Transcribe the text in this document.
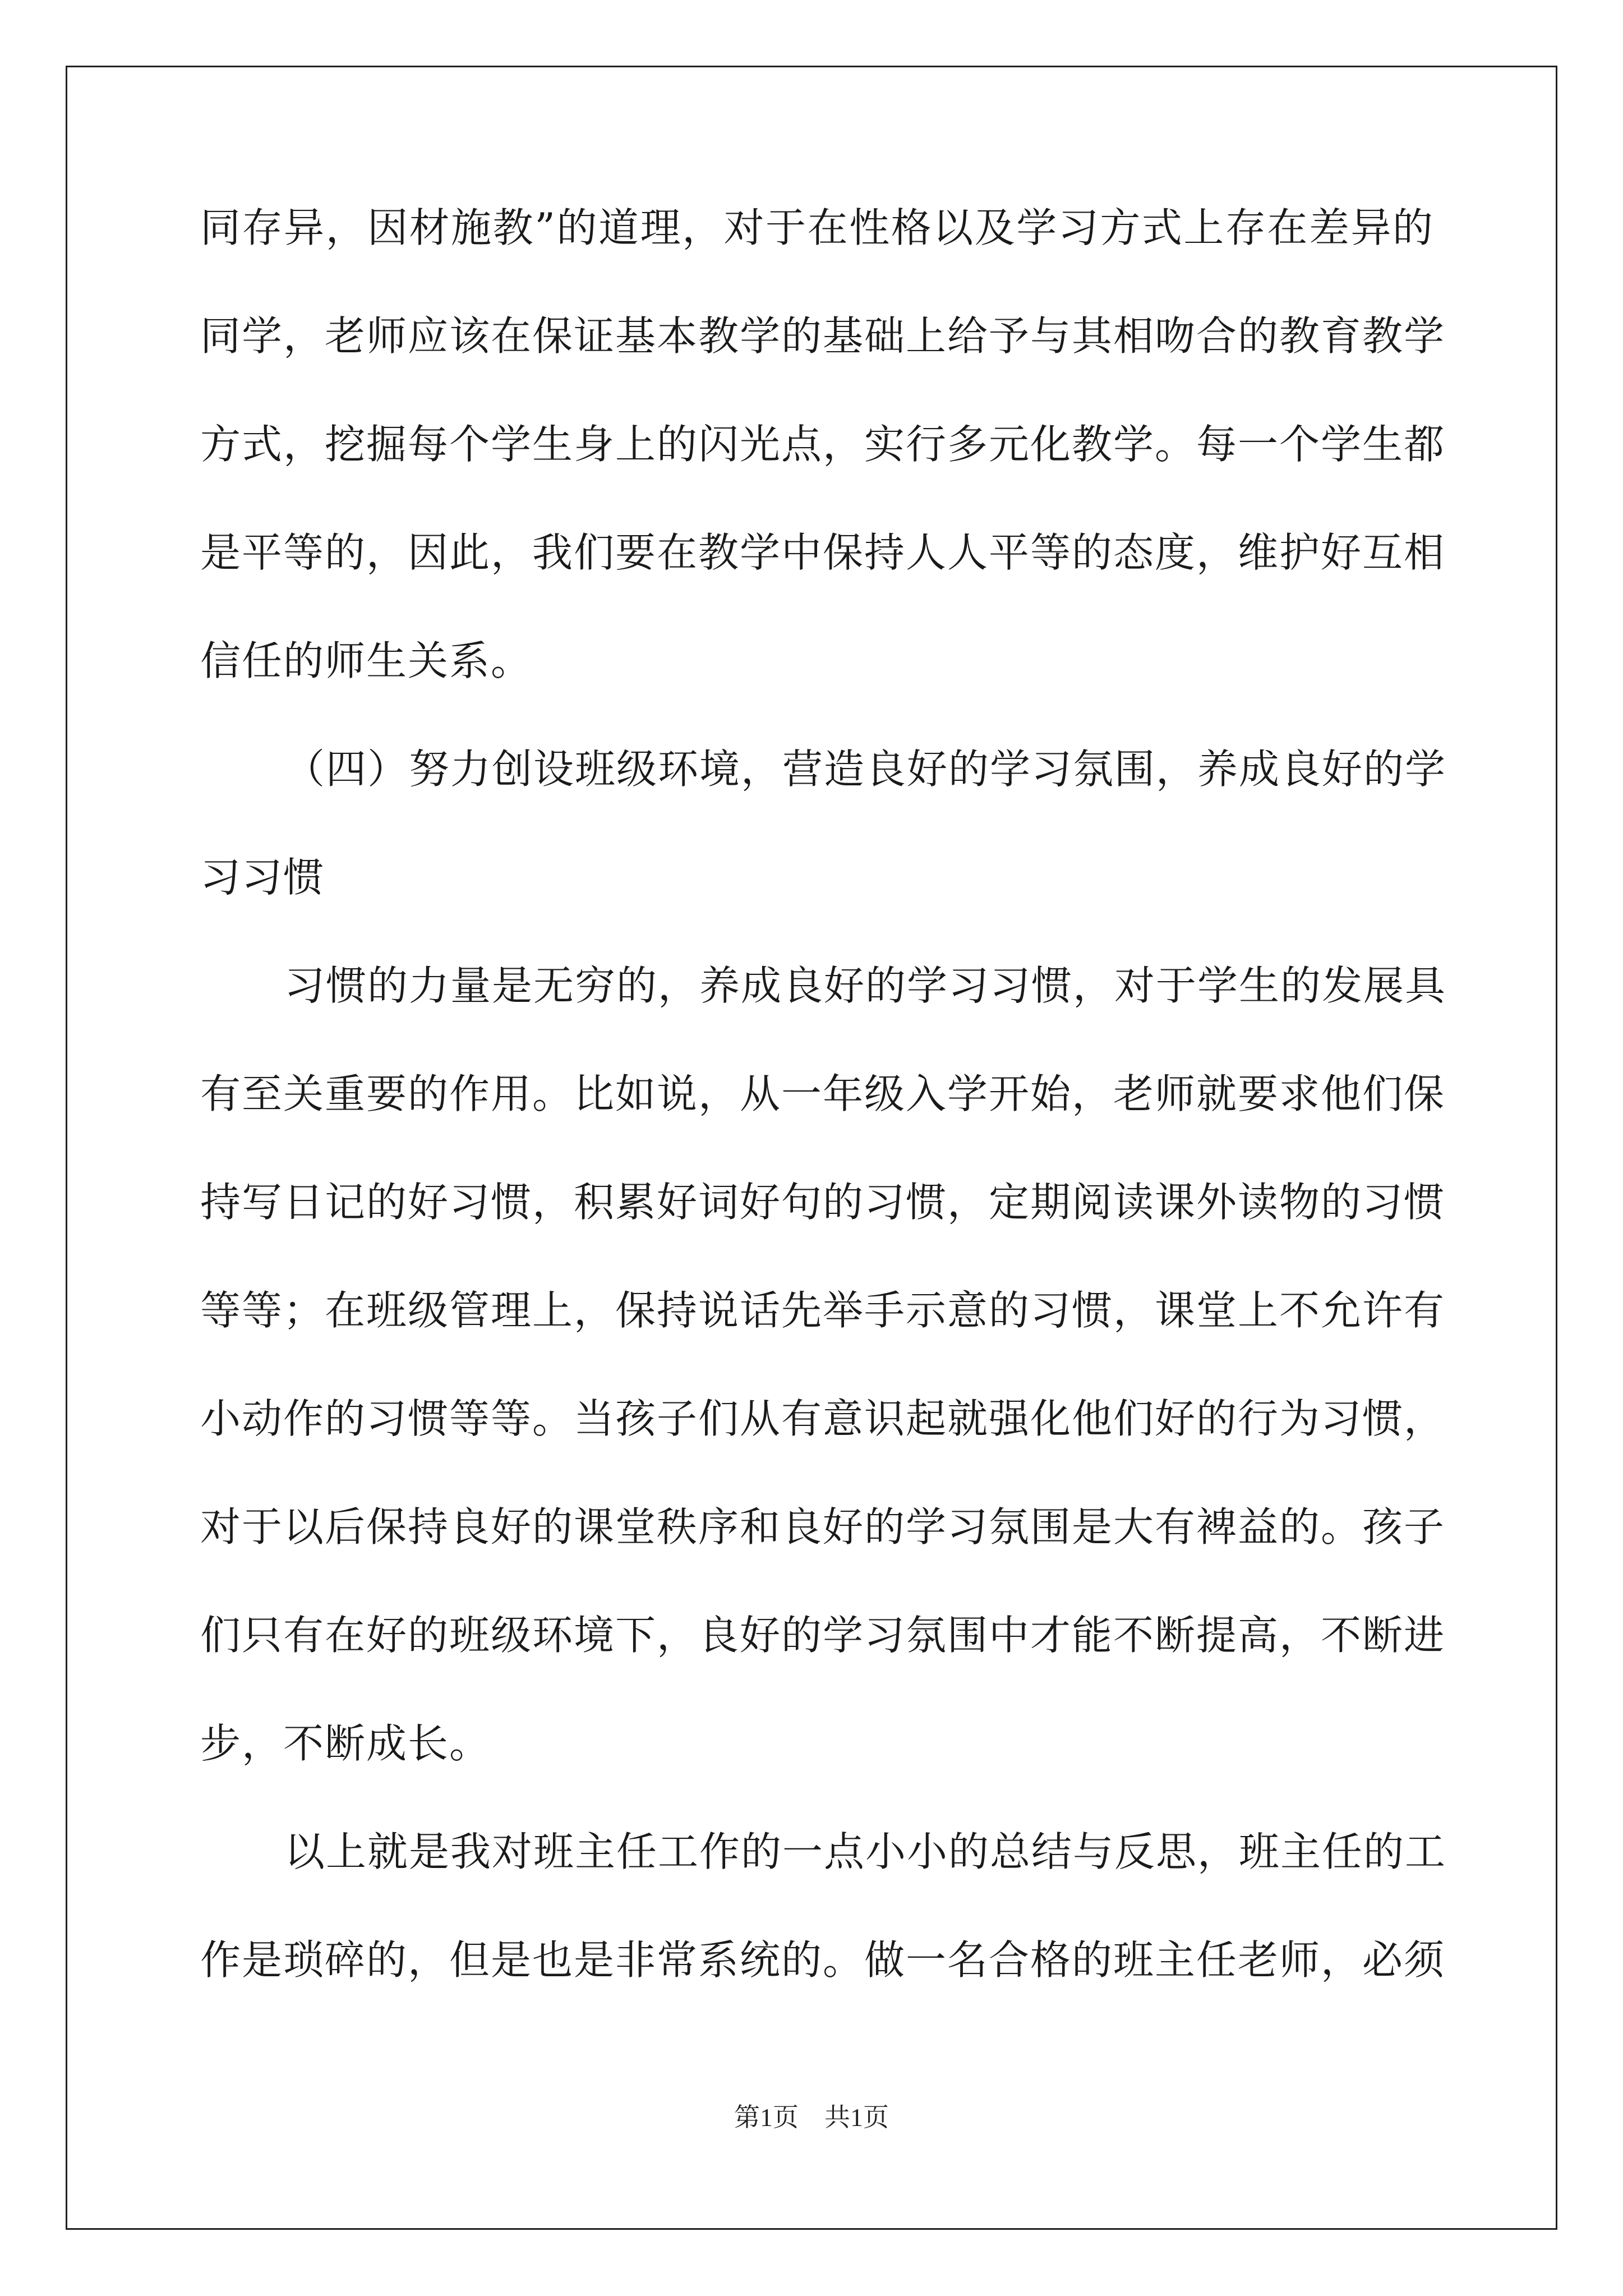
同存异，因材施教”的道理，对于在性格以及学习方式上存在差异的
同学，老师应该在保证基本教学的基础上给予与其相吻合的教育教学
方式，挖掘每个学生身上的闪光点，实行多元化教学。每一个学生都
是平等的，因此，我们要在教学中保持人人平等的态度，维护好互相
信任的师生关系。
（四）努力创设班级环境，营造良好的学习氛围，养成良好的学
习习惯
习惯的力量是无穷的，养成良好的学习习惯，对于学生的发展具
有至关重要的作用。比如说，从一年级入学开始，老师就要求他们保
持写日记的好习惯，积累好词好句的习惯，定期阅读课外读物的习惯
等等；在班级管理上，保持说话先举手示意的习惯，课堂上不允许有
小动作的习惯等等。当孩子们从有意识起就强化他们好的行为习惯，
对于以后保持良好的课堂秩序和良好的学习氛围是大有裨益的。孩子
们只有在好的班级环境下，良好的学习氛围中才能不断提高，不断进
步，不断成长。
以上就是我对班主任工作的一点小小的总结与反思，班主任的工
作是琐碎的，但是也是非常系统的。做一名合格的班主任老师，必须
第1页 共1页
